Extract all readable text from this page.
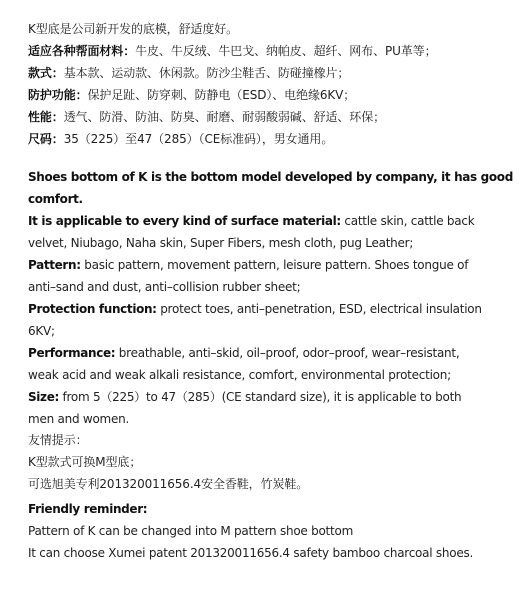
K型底是公司新开发的底模，舒适度好。
适应各种帮面材料：牛皮、牛反绒、牛巴戈、纳帕皮、超纤、网布、PU革等；
款式：基本款、运动款、休闲款。防沙尘鞋舌、防碰撞橡片；
防护功能：保护足趾、防穿刺、防静电（ESD）、电绝缘6KV；
性能：透气、防滑、防油、防臭、耐磨、耐弱酸弱碱、舒适、环保；
尺码：35（225）至47（285）（CE标准码），男女通用。
Shoes bottom of K is the bottom model developed by company, it has good
comfort.
It is applicable to every kind of surface material: cattle skin, cattle back
velvet, Niubago, Naha skin, Super Fibers, mesh cloth, pug Leather;
Pattern: basic pattern, movement pattern, leisure pattern. Shoes tongue of
anti–sand and dust, anti–collision rubber sheet;
Protection function: protect toes, anti–penetration, ESD, electrical insulation
6KV;
Performance: breathable, anti–skid, oil–proof, odor–proof, wear–resistant,
weak acid and weak alkali resistance, comfort, environmental protection;
Size: from 5（225）to 47（285）(CE standard size), it is applicable to both
men and women.
友情提示：
K型款式可换M型底；
可选旭美专利201320011656.4安全香鞋，竹炭鞋。
Friendly reminder:
Pattern of K can be changed into M pattern shoe bottom
It can choose Xumei patent 201320011656.4 safety bamboo charcoal shoes.
